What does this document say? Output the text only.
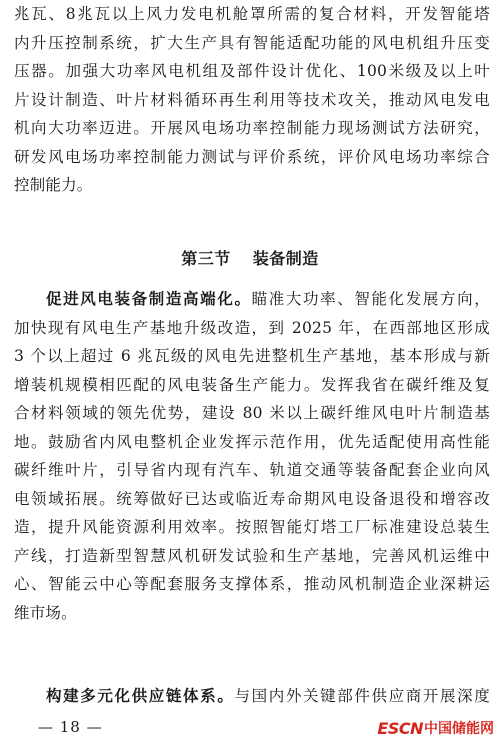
兆瓦、8兆瓦以上风力发电机舱罩所需的复合材料，开发智能塔
内升压控制系统，扩大生产具有智能适配功能的风电机组升压变
压器。加强大功率风电机组及部件设计优化、100米级及以上叶
片设计制造、叶片材料循环再生利用等技术攻关，推动风电发电
机向大功率迈进。开展风电场功率控制能力现场测试方法研究，
研发风电场功率控制能力测试与评价系统，评价风电场功率综合
控制能力。
第三节 装备制造
促进风电装备制造高端化。瞄准大功率、智能化发展方向，
加快现有风电生产基地升级改造，到 2025 年，在西部地区形成
3 个以上超过 6 兆瓦级的风电先进整机生产基地，基本形成与新
增装机规模相匹配的风电装备生产能力。发挥我省在碳纤维及复
合材料领域的领先优势，建设 80 米以上碳纤维风电叶片制造基
地。鼓励省内风电整机企业发挥示范作用，优先适配使用高性能
碳纤维叶片，引导省内现有汽车、轨道交通等装备配套企业向风
电领域拓展。统筹做好已达或临近寿命期风电设备退役和增容改
造，提升风能资源利用效率。按照智能灯塔工厂标准建设总装生
产线，打造新型智慧风机研发试验和生产基地，完善风机运维中
心、智能云中心等配套服务支撑体系，推动风机制造企业深耕运
维市场。
构建多元化供应链体系。与国内外关键部件供应商开展深度
— 18 —	ESCN 中国储能网
